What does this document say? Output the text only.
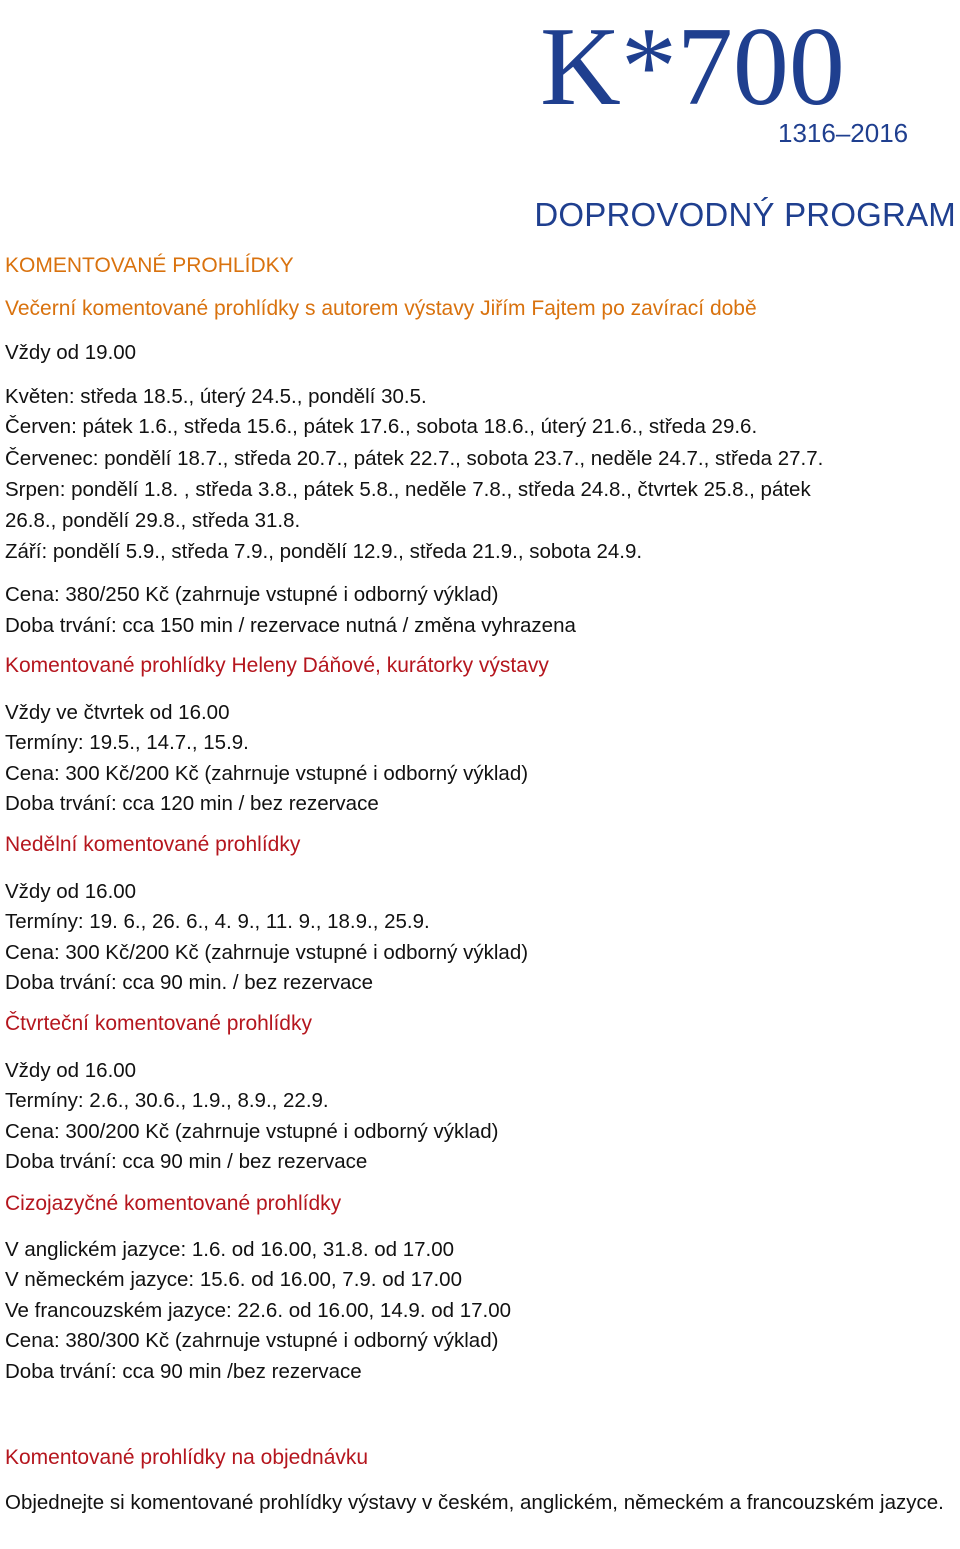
K*700
1316–2016
DOPROVODNÝ PROGRAM
KOMENTOVANÉ PROHLÍDKY
Večerní komentované prohlídky s autorem výstavy Jiřím Fajtem po zavírací době
Vždy od 19.00
Květen: středa 18.5., úterý 24.5., pondělí 30.5.
Červen: pátek 1.6., středa 15.6., pátek 17.6., sobota 18.6., úterý 21.6., středa 29.6.
Červenec: pondělí 18.7., středa 20.7., pátek 22.7., sobota 23.7., neděle 24.7., středa 27.7.
Srpen: pondělí 1.8. , středa 3.8., pátek 5.8., neděle 7.8., středa 24.8., čtvrtek 25.8., pátek
26.8., pondělí 29.8., středa 31.8.
Září: pondělí 5.9., středa 7.9., pondělí 12.9., středa 21.9., sobota 24.9.
Cena: 380/250 Kč (zahrnuje vstupné i odborný výklad)
Doba trvání: cca 150 min / rezervace nutná / změna vyhrazena
Komentované prohlídky Heleny Dáňové, kurátorky výstavy
Vždy ve čtvrtek od 16.00
Termíny: 19.5., 14.7., 15.9.
Cena: 300 Kč/200 Kč (zahrnuje vstupné i odborný výklad)
Doba trvání: cca 120 min / bez rezervace
Nedělní komentované prohlídky
Vždy od 16.00
Termíny: 19. 6., 26. 6., 4. 9., 11. 9., 18.9., 25.9.
Cena: 300 Kč/200 Kč (zahrnuje vstupné i odborný výklad)
Doba trvání: cca 90 min. / bez rezervace
Čtvrteční komentované prohlídky
Vždy od 16.00
Termíny: 2.6., 30.6., 1.9., 8.9., 22.9.
Cena: 300/200 Kč (zahrnuje vstupné i odborný výklad)
Doba trvání: cca 90 min / bez rezervace
Cizojazyčné komentované prohlídky
V anglickém jazyce: 1.6. od 16.00, 31.8. od 17.00
V německém jazyce: 15.6. od 16.00, 7.9. od 17.00
Ve francouzském jazyce: 22.6. od 16.00, 14.9. od 17.00
Cena: 380/300 Kč (zahrnuje vstupné i odborný výklad)
Doba trvání: cca 90 min /bez rezervace
Komentované prohlídky na objednávku
Objednejte si komentované prohlídky výstavy v českém, anglickém, německém a francouzském jazyce.
